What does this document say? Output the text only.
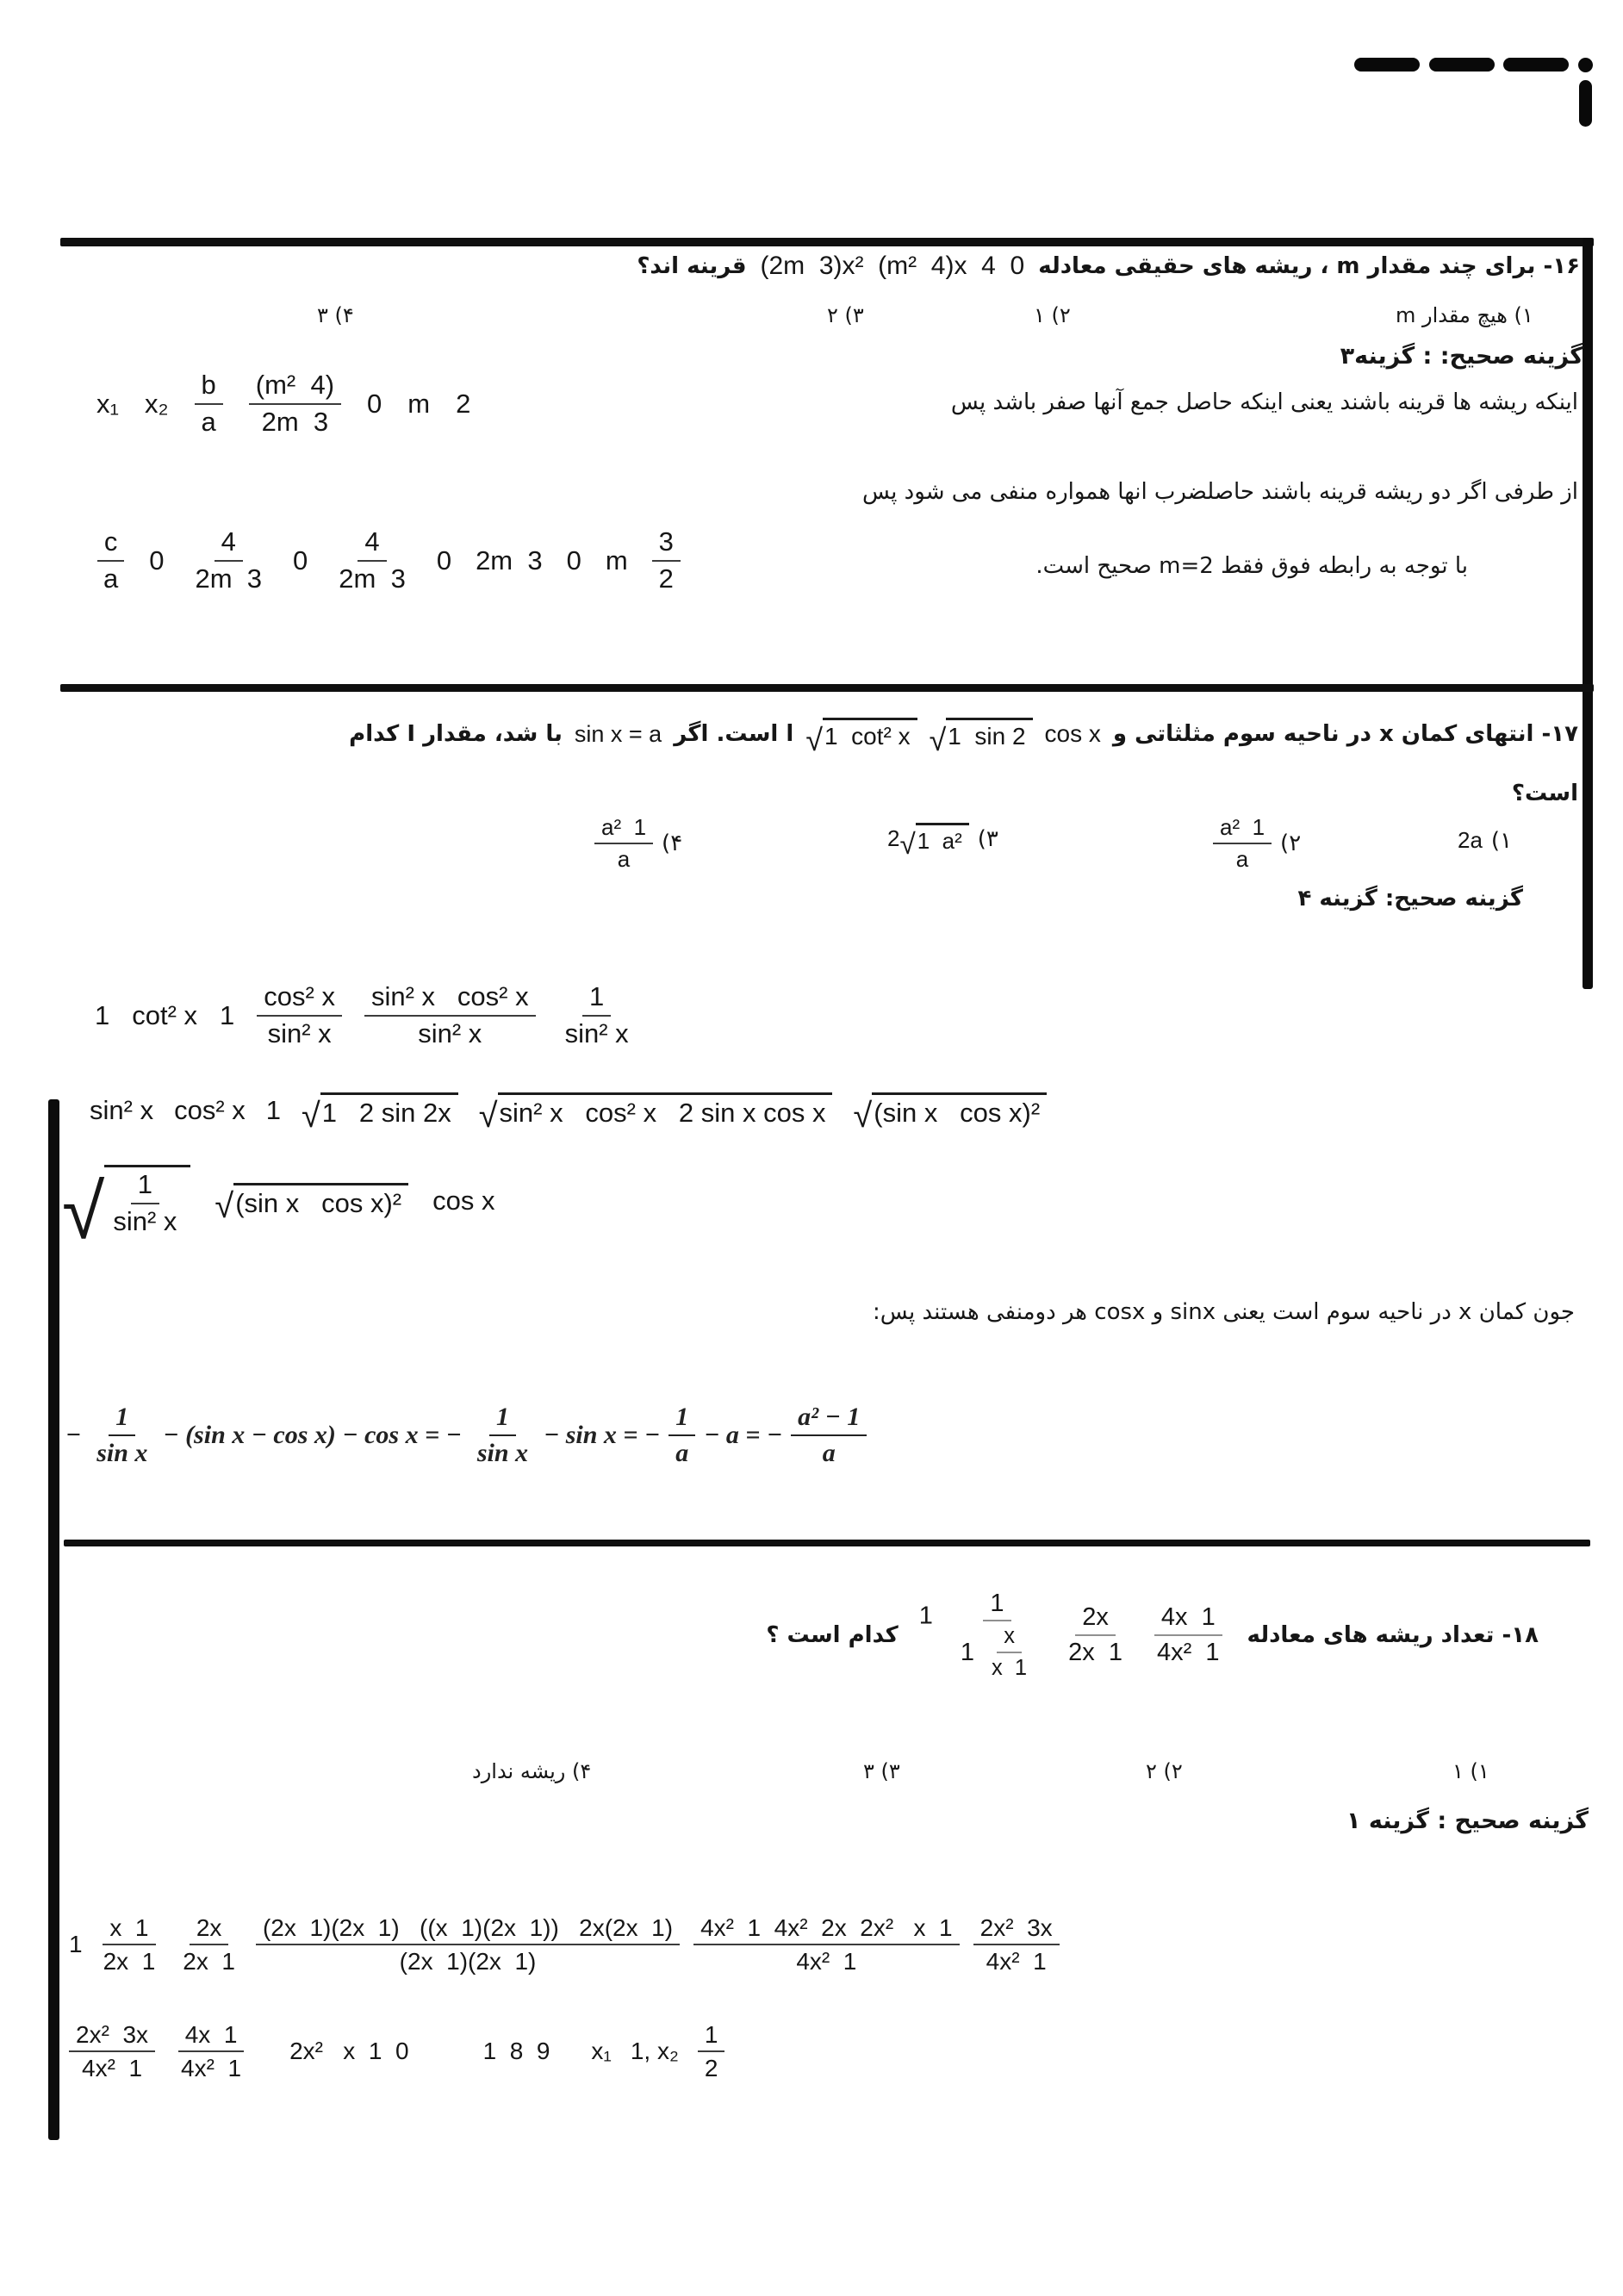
۱۶- برای چند مقدار m ، ریشه های حقیقی معادله
(2m  3)x²  (m²  4)x  4  0
قرینه اند؟
۱) هیچ مقدار m
۲) ۱
۳) ۲
۴) ۳
گزینه صحیح: : گزینه۳
اینکه ریشه ها قرینه باشند یعنی اینکه حاصل جمع آنها صفر باشد پس
x₁ $x_2 \frac{b}{a} \frac{\text{(m²  4)}}{2m 3} 0$ m 2
از طرفی اگر دو ریشه قرینه باشند حاصلضرب انها همواره منفی می شود پس
$\frac{c}{a} 0 \frac{4}{2m 3} 0 \frac{4}{2m 3} 0$ 2m  3 0 m $\frac{3}{2}$	با توجه به رابطه فوق فقط m=2 صحیح است.
۱۷- انتهای کمان x در ناحیه سوم مثلثاتی و
cos x
√ 1  sin 2
√ 1  cot² x
ا است. اگر
sin x = a
با شد، مقدار I کدام
است؟
۱)
2a
۲)
$\frac{\text{a²  1}}{a}$
۳)
2 √ 1  a²
۴)
$\frac{\text{a²  1}}{a}$
گزینه صحیح: گزینه ۴
1 cot² x $1 \frac{\text{cos² x}}{\text{sin² x}} \frac{\text{sin² x   cos² x}}{\text{sin² x}} \frac{1}{\text{sin² x}}$
sin² x cos² x 1 √ 1   2 sin 2x √ sin² x   cos² x   2 sin x cos x √ (sin x   cos x)²
√ $\frac{1}{\text{sin² x}}$ √ (sin x   cos x)² cos x
جون کمان x در ناحیه سوم است یعنی sinx و cosx هر دومنفی هستند پس:
− $\frac{1}{\text{sin x}} - (\sin$ x − cos x) − cos x = − $\frac{1}{\text{sin x}} - \sin x$ = − $\frac{1}{a} - a$ = − $\frac{\text{a² − 1}}{a}$
۱۸- تعداد ریشه های معادله
$\frac{4x 1}{\text{4x²  1}}$
$\frac{2x}{2x 1}$
$\frac{1}{1 \frac{x}{x 1}}$
1
کدام است ؟
۱) ۱
۲) ۲
۳) ۳
۴) ریشه ندارد
گزینه صحیح : گزینه ۱
$1 \frac{x 1}{2x 1} \frac{2x}{2x 1} \frac{(2x 1)(2x 1) ((x 1)(2x 1)) 2x(2x 1)}{(2x 1)(2x 1)} \frac{\text{4x²  1  4x²  2x  2x²   x  1}}{\text{4x²  1}} \frac{\text{2x²  3x}}{\text{4x²  1}}$
$\frac{\text{2x²  3x}}{\text{4x²  1}} \frac{4x 1}{\text{4x²  1}} 2x^2$   x  1  0	1  8  9 x₁ 1, $x_2 \frac{1}{2}$
